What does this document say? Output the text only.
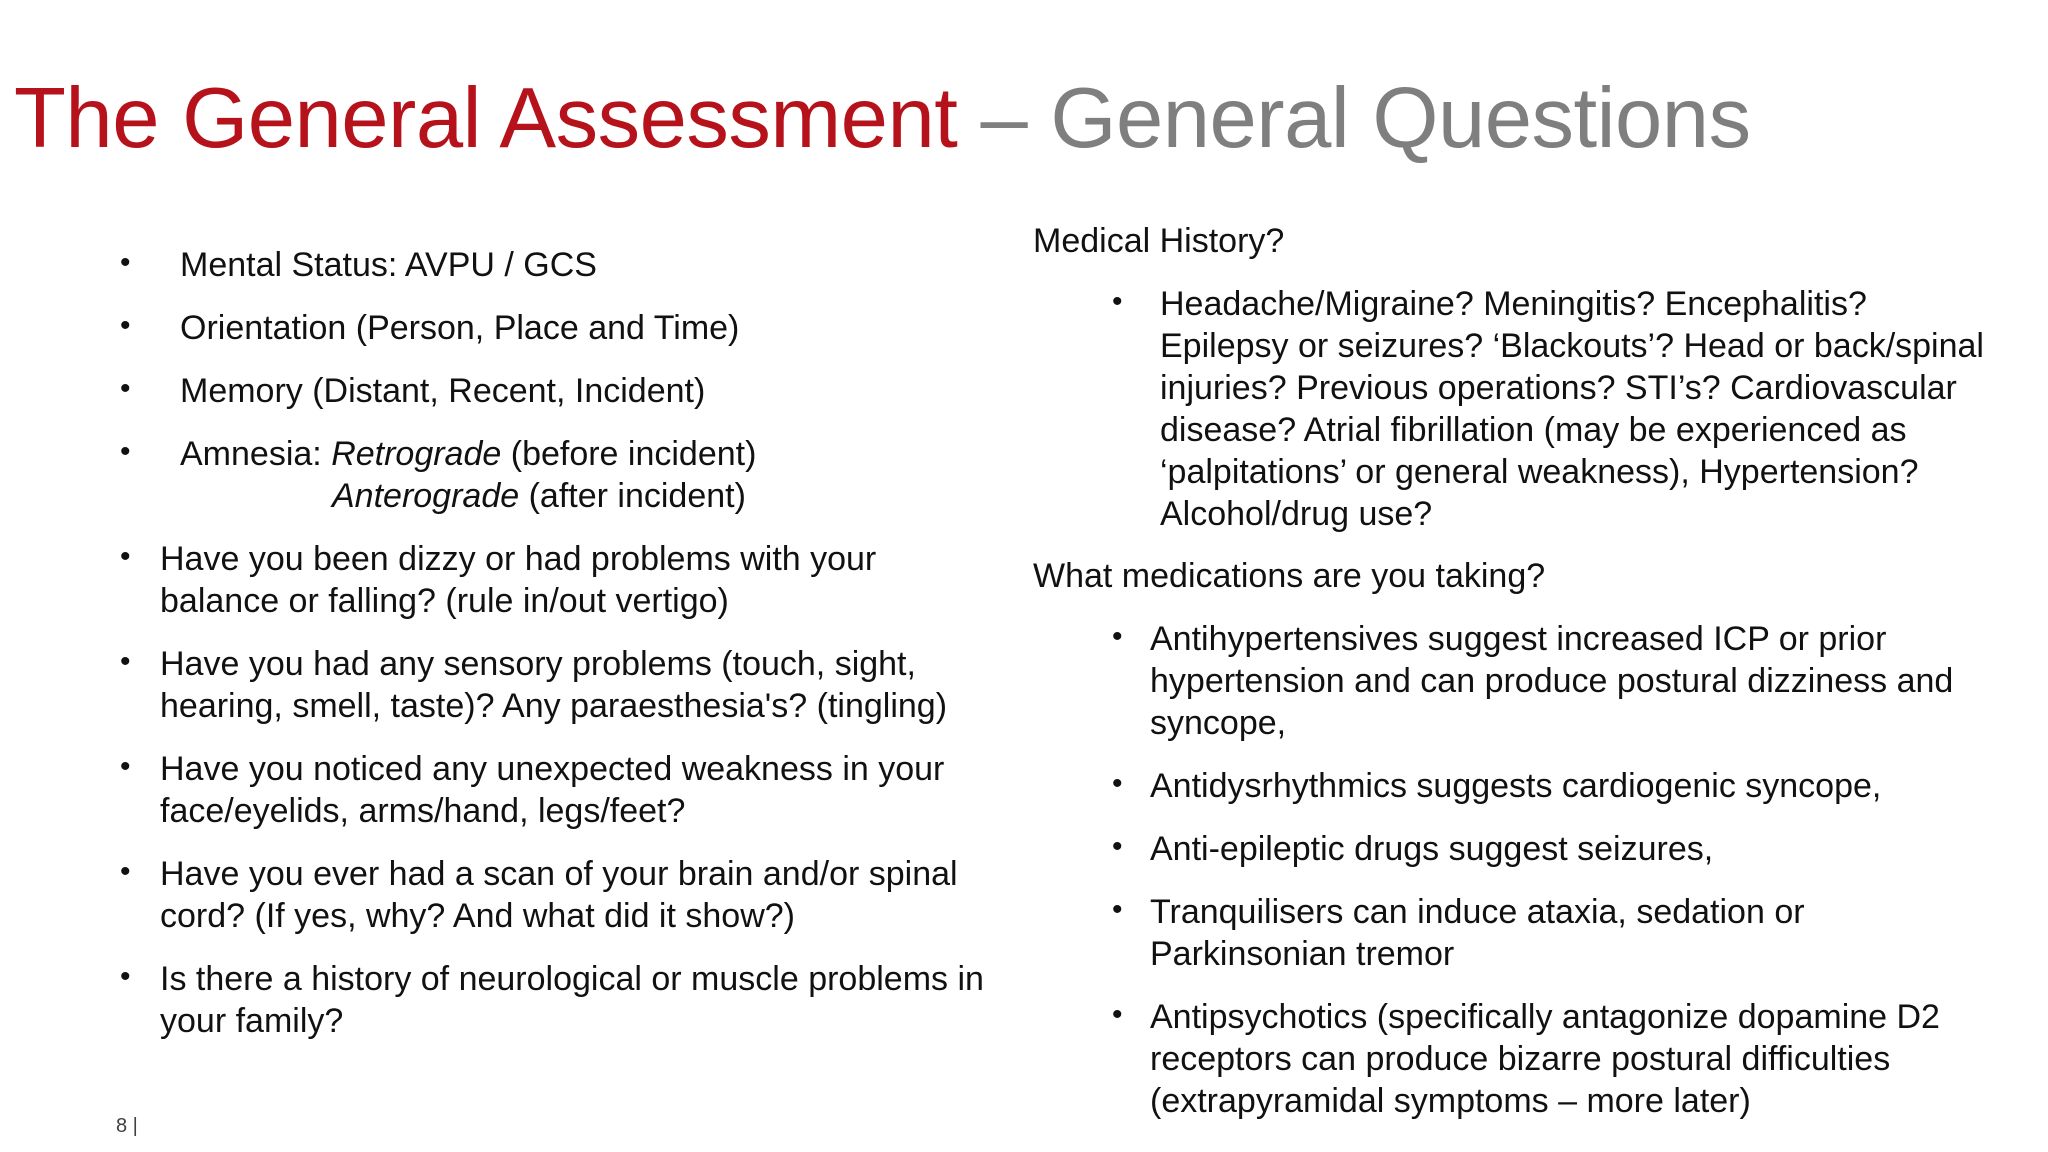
The General Assessment – General Questions
• Mental Status: AVPU / GCS
• Orientation (Person, Place and Time)
• Memory (Distant, Recent, Incident)
• Amnesia: Retrograde (before incident)
Anterograde (after incident)
• Have you been dizzy or had problems with your balance or falling? (rule in/out vertigo)
• Have you had any sensory problems (touch, sight, hearing, smell, taste)? Any paraesthesia's? (tingling)
• Have you noticed any unexpected weakness in your face/eyelids, arms/hand, legs/feet?
• Have you ever had a scan of your brain and/or spinal cord? (If yes, why? And what did it show?)
• Is there a history of neurological or muscle problems in your family?
Medical History?
• Headache/Migraine? Meningitis? Encephalitis? Epilepsy or seizures? ‘Blackouts’? Head or back/spinal injuries? Previous operations? STI’s? Cardiovascular disease? Atrial fibrillation (may be experienced as ‘palpitations’ or general weakness), Hypertension? Alcohol/drug use?
What medications are you taking?
• Antihypertensives suggest increased ICP or prior hypertension and can produce postural dizziness and syncope,
• Antidysrhythmics suggests cardiogenic syncope,
• Anti-epileptic drugs suggest seizures,
• Tranquilisers can induce ataxia, sedation or Parkinsonian tremor
• Antipsychotics (specifically antagonize dopamine D2 receptors can produce bizarre postural difficulties (extrapyramidal symptoms – more later)
8 |
